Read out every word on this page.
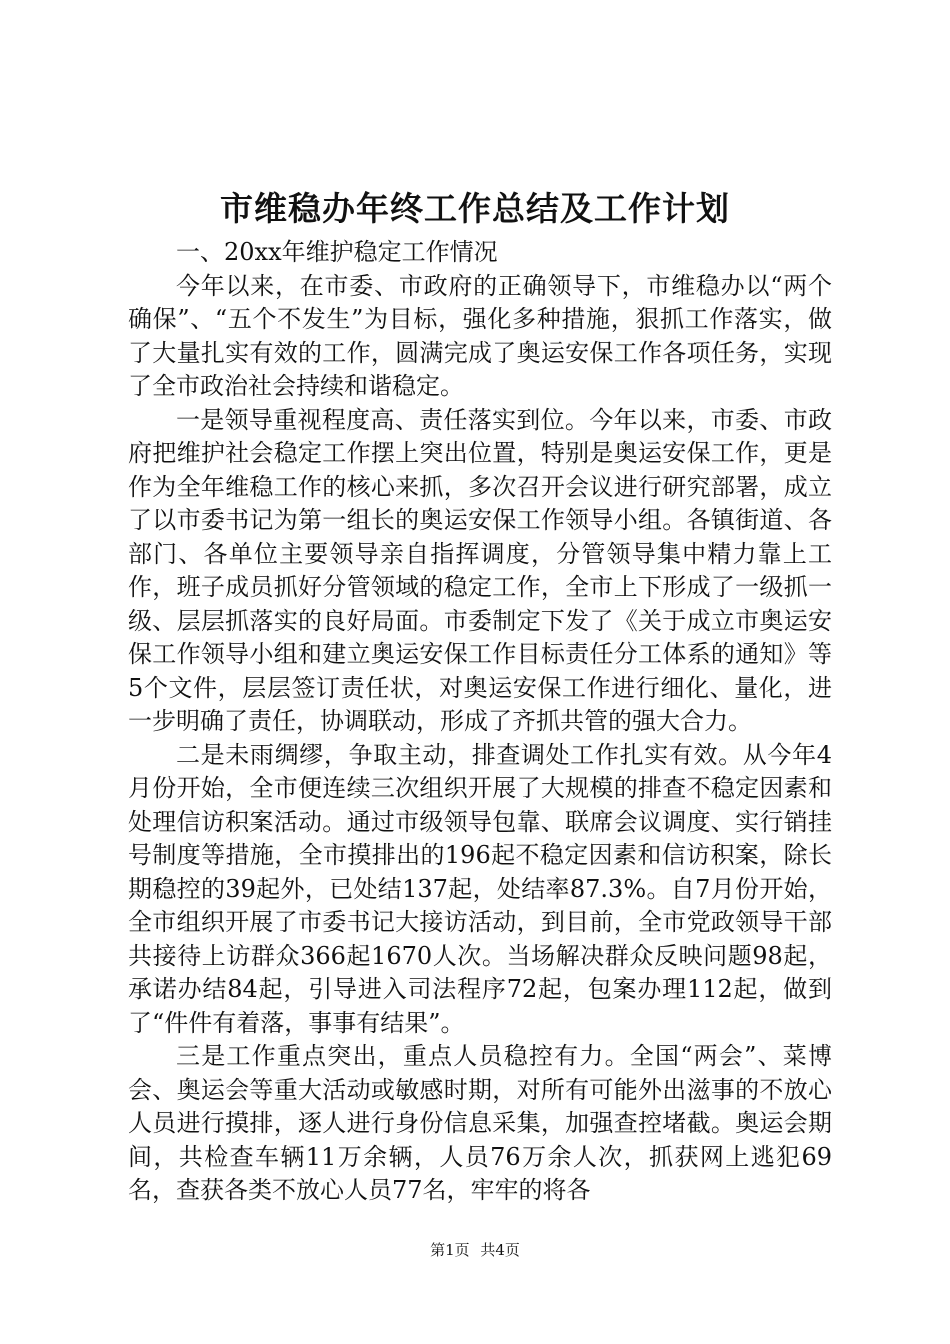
市维稳办年终工作总结及工作计划

一、20xx年维护稳定工作情况

今年以来，在市委、市政府的正确领导下，市维稳办以“两个确保”、“五个不发生”为目标，强化多种措施，狠抓工作落实，做了大量扎实有效的工作，圆满完成了奥运安保工作各项任务，实现了全市政治社会持续和谐稳定。

一是领导重视程度高、责任落实到位。今年以来，市委、市政府把维护社会稳定工作摆上突出位置，特别是奥运安保工作，更是作为全年维稳工作的核心来抓，多次召开会议进行研究部署，成立了以市委书记为第一组长的奥运安保工作领导小组。各镇街道、各部门、各单位主要领导亲自指挥调度，分管领导集中精力靠上工作，班子成员抓好分管领域的稳定工作，全市上下形成了一级抓一级、层层抓落实的良好局面。市委制定下发了《关于成立市奥运安保工作领导小组和建立奥运安保工作目标责任分工体系的通知》等5个文件，层层签订责任状，对奥运安保工作进行细化、量化，进一步明确了责任，协调联动，形成了齐抓共管的强大合力。

二是未雨绸缪，争取主动，排查调处工作扎实有效。从今年4月份开始，全市便连续三次组织开展了大规模的排查不稳定因素和处理信访积案活动。通过市级领导包靠、联席会议调度、实行销挂号制度等措施，全市摸排出的196起不稳定因素和信访积案，除长期稳控的39起外，已处结137起，处结率87.3%。自7月份开始，全市组织开展了市委书记大接访活动，到目前，全市党政领导干部共接待上访群众366起1670人次。当场解决群众反映问题98起，承诺办结84起，引导进入司法程序72起，包案办理112起，做到了“件件有着落，事事有结果”。

三是工作重点突出，重点人员稳控有力。全国“两会”、菜博会、奥运会等重大活动或敏感时期，对所有可能外出滋事的不放心人员进行摸排，逐人进行身份信息采集，加强查控堵截。奥运会期间，共检查车辆11万余辆，人员76万余人次，抓获网上逃犯69名，查获各类不放心人员77名，牢牢的将各

第1页 共4页
